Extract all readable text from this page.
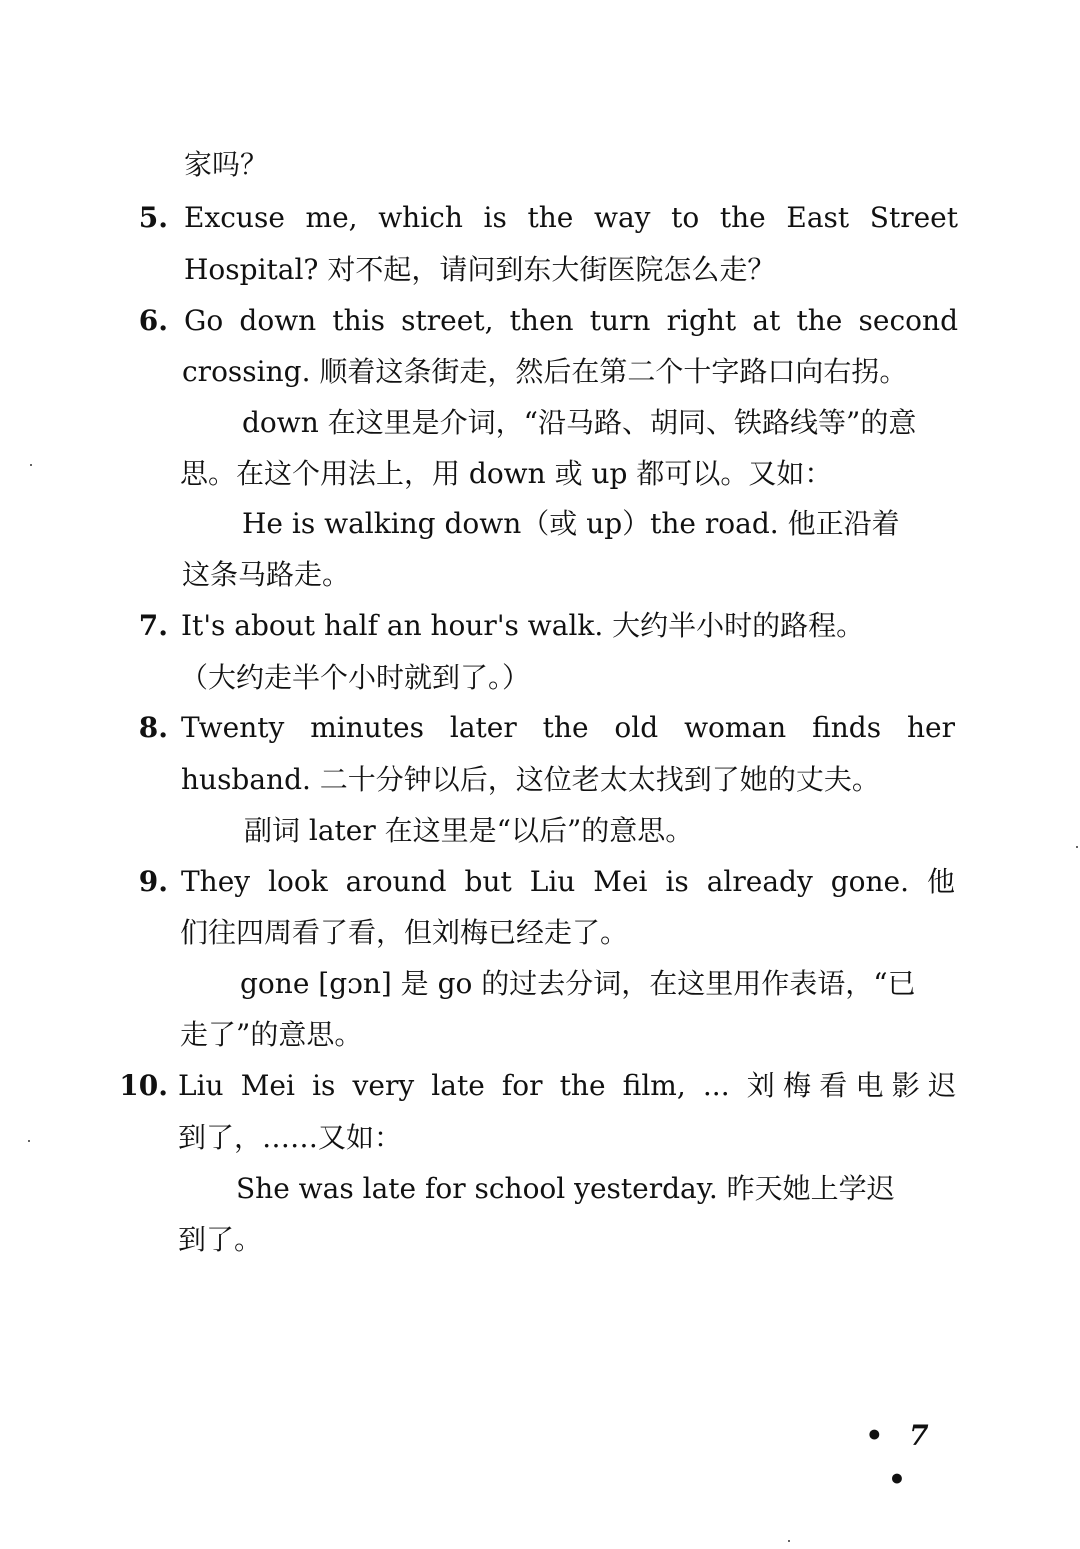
家吗？
5. Excuse me, which is the way to the East Street
Hospital? 对不起，请问到东大街医院怎么走？
6. Go down this street, then turn right at the second
crossing. 顺着这条街走，然后在第二个十字路口向右拐。
down 在这里是介词，“沿马路、胡同、铁路线等”的意
思。在这个用法上，用 down 或 up 都可以。又如：
He is walking down（或 up）the road. 他正沿着
这条马路走。
7. It's about half an hour's walk. 大约半小时的路程。
（大约走半个小时就到了。）
8. Twenty minutes later the old woman finds her
husband. 二十分钟以后，这位老太太找到了她的丈夫。
副词 later 在这里是“以后”的意思。
9. They look around but Liu Mei is already gone. 他
们往四周看了看，但刘梅已经走了。
gone [gɔn] 是 go 的过去分词，在这里用作表语，“已
走了”的意思。
10. Liu Mei is very late for the film, ... 刘梅看电影迟
到了，……又如：
She was late for school yesterday. 昨天她上学迟
到了。
• 7 •
